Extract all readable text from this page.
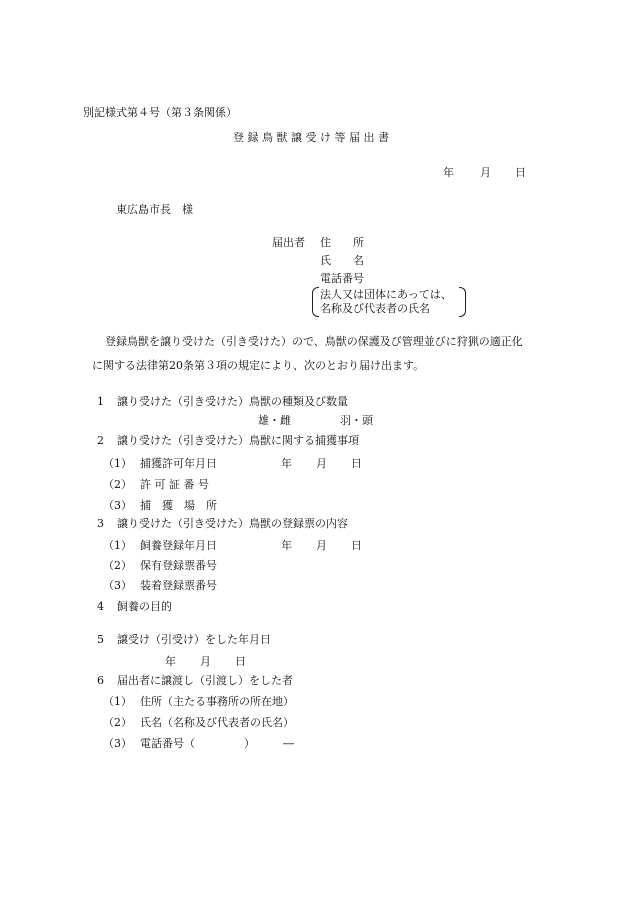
別記様式第４号（第３条関係）
登録鳥獣譲受け等届出書
年 月 日
東広島市長　様
届出者 住　　所
氏　　名
電話番号
法人又は団体にあっては、
名称及び代表者の氏名
登録鳥獣を譲り受けた（引き受けた）ので、鳥獣の保護及び管理並びに狩猟の適正化
に関する法律第20条第３項の規定により、次のとおり届け出ます。
1 譲り受けた（引き受けた）鳥獣の種類及び数量
雄・雌	羽・頭
2 譲り受けた（引き受けた）鳥獣に関する捕獲事項
（1） 捕獲許可年月日	年 月 日
（2） 許 可 証 番 号
（3） 捕　獲　場　所
3 譲り受けた（引き受けた）鳥獣の登録票の内容
（1） 飼養登録年月日	年 月 日
（2） 保有登録票番号
（3） 装着登録票番号
4 飼養の目的
5 譲受け（引受け）をした年月日
年 月 日
6 届出者に譲渡し（引渡し）をした者
（1） 住所（主たる事務所の所在地）
（2） 氏名（名称及び代表者の氏名）
（3） 電話番号（	）	―
